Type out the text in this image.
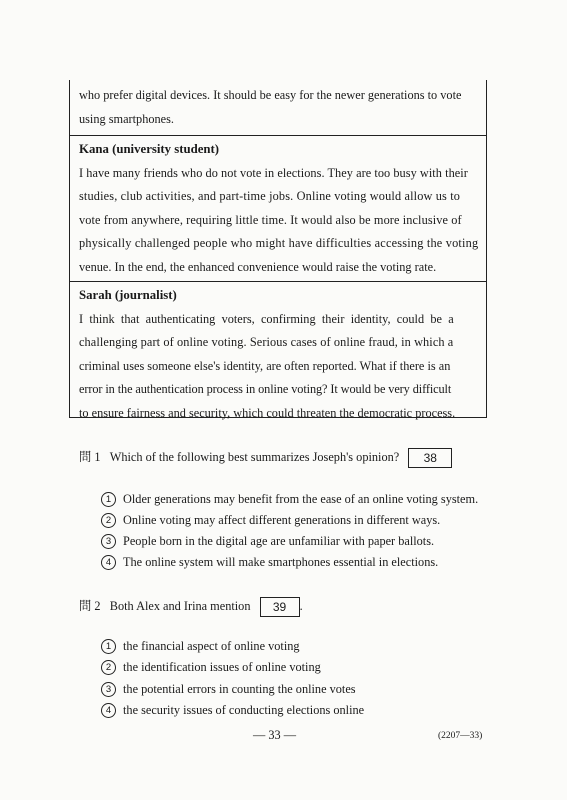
who prefer digital devices. It should be easy for the newer generations to vote
using smartphones.
Kana (university student)
I have many friends who do not vote in elections. They are too busy with their
studies, club activities, and part-time jobs. Online voting would allow us to
vote from anywhere, requiring little time. It would also be more inclusive of
physically challenged people who might have difficulties accessing the voting
venue. In the end, the enhanced convenience would raise the voting rate.
Sarah (journalist)
I think that authenticating voters, confirming their identity, could be a
challenging part of online voting. Serious cases of online fraud, in which a
criminal uses someone else's identity, are often reported. What if there is an
error in the authentication process in online voting? It would be very difficult
to ensure fairness and security, which could threaten the democratic process.
問 1 Which of the following best summarizes Joseph's opinion? 38
1 Older generations may benefit from the ease of an online voting system.
2 Online voting may affect different generations in different ways.
3 People born in the digital age are unfamiliar with paper ballots.
4 The online system will make smartphones essential in elections.
問 2 Both Alex and Irina mention 39 .
1 the financial aspect of online voting
2 the identification issues of online voting
3 the potential errors in counting the online votes
4 the security issues of conducting elections online
— 33 —	(2207—33)
